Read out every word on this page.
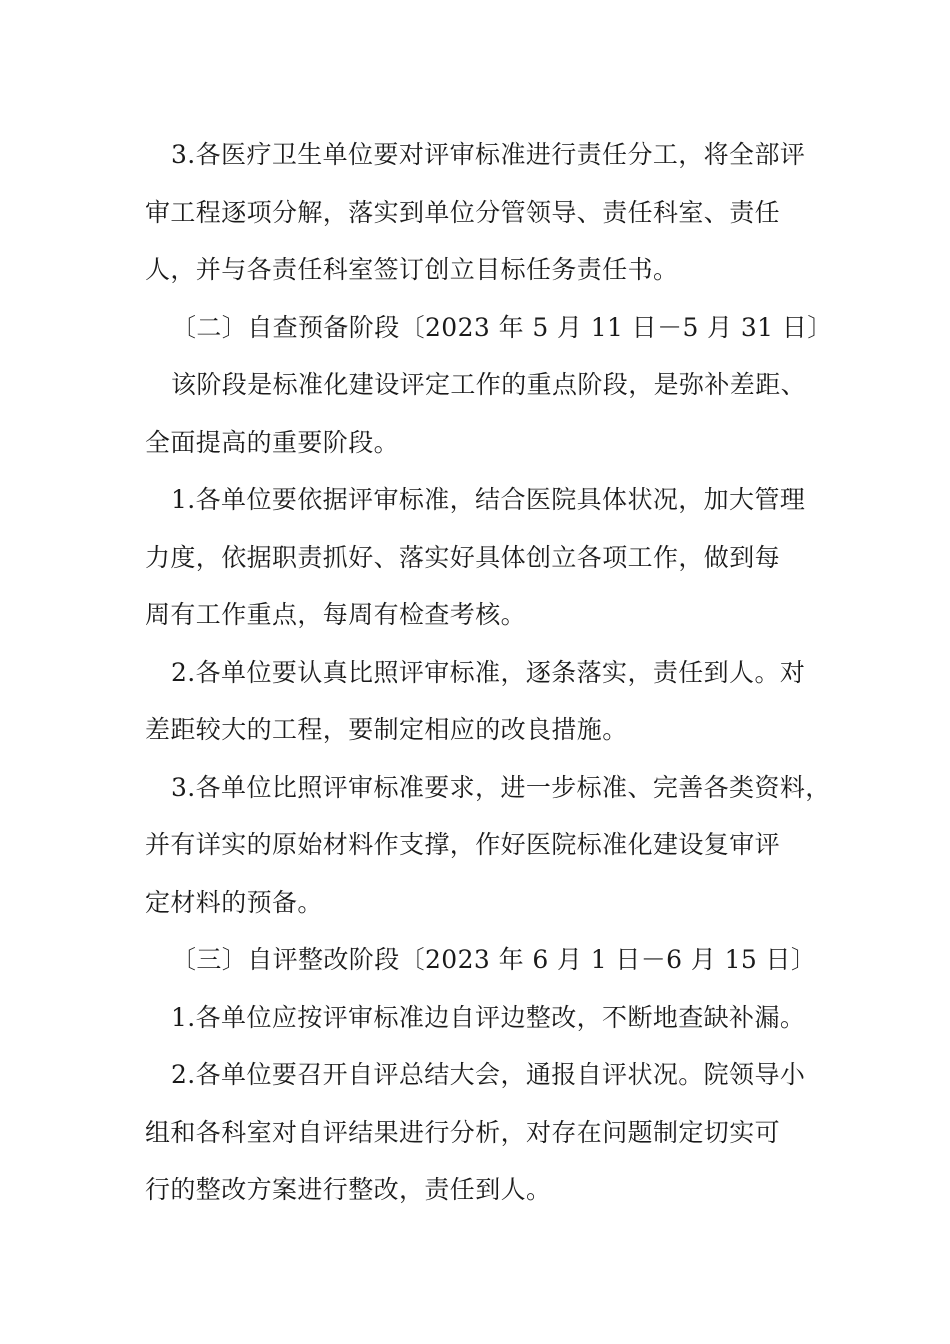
3.各医疗卫生单位要对评审标准进行责任分工，将全部评
审工程逐项分解，落实到单位分管领导、责任科室、责任
人，并与各责任科室签订创立目标任务责任书。
〔二〕自查预备阶段〔2023 年 5 月 11 日－5 月 31 日〕
该阶段是标准化建设评定工作的重点阶段，是弥补差距、
全面提高的重要阶段。
1.各单位要依据评审标准，结合医院具体状况，加大管理
力度，依据职责抓好、落实好具体创立各项工作，做到每
周有工作重点，每周有检查考核。
2.各单位要认真比照评审标准，逐条落实，责任到人。对
差距较大的工程，要制定相应的改良措施。
3.各单位比照评审标准要求，进一步标准、完善各类资料，
并有详实的原始材料作支撑，作好医院标准化建设复审评
定材料的预备。
〔三〕自评整改阶段〔2023 年 6 月 1 日－6 月 15 日〕
1.各单位应按评审标准边自评边整改，不断地查缺补漏。
2.各单位要召开自评总结大会，通报自评状况。院领导小
组和各科室对自评结果进行分析，对存在问题制定切实可
行的整改方案进行整改，责任到人。
